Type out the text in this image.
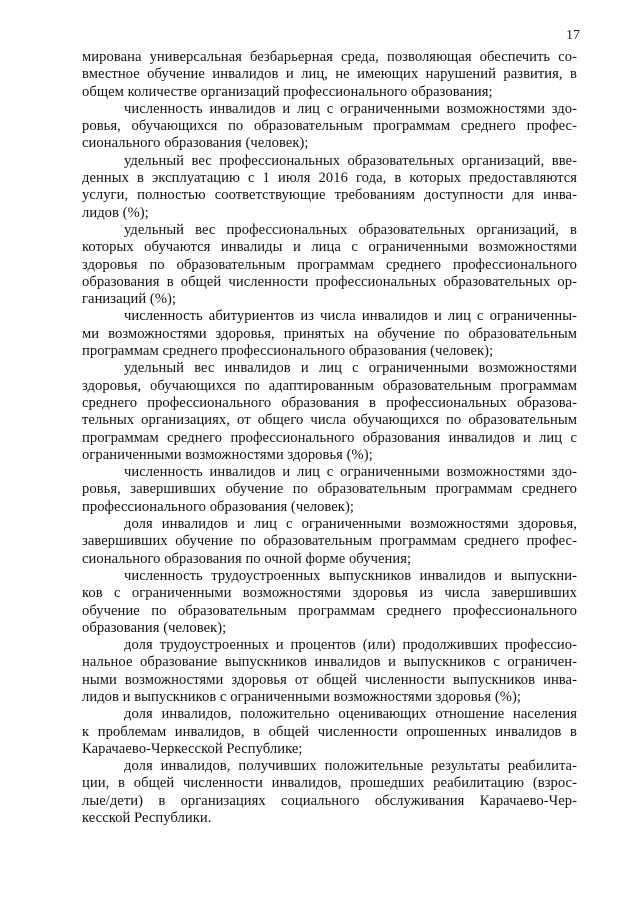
17
мирована универсальная безбарьерная среда, позволяющая обеспечить со-
вместное обучение инвалидов и лиц, не имеющих нарушений развития, в
общем количестве организаций профессионального образования;
численность инвалидов и лиц с ограниченными возможностями здо-
ровья, обучающихся по образовательным программам среднего профес-
сионального образования (человек);
удельный вес профессиональных образовательных организаций, вве-
денных в эксплуатацию с 1 июля 2016 года, в которых предоставляются
услуги, полностью соответствующие требованиям доступности для инва-
лидов (%);
удельный вес профессиональных образовательных организаций, в
которых обучаются инвалиды и лица с ограниченными возможностями
здоровья по образовательным программам среднего профессионального
образования в общей численности профессиональных образовательных ор-
ганизаций (%);
численность абитуриентов из числа инвалидов и лиц с ограниченны-
ми возможностями здоровья, принятых на обучение по образовательным
программам среднего профессионального образования (человек);
удельный вес инвалидов и лиц с ограниченными возможностями
здоровья, обучающихся по адаптированным образовательным программам
среднего профессионального образования в профессиональных образова-
тельных организациях, от общего числа обучающихся по образовательным
программам среднего профессионального образования инвалидов и лиц с
ограниченными возможностями здоровья (%);
численность инвалидов и лиц с ограниченными возможностями здо-
ровья, завершивших обучение по образовательным программам среднего
профессионального образования (человек);
доля инвалидов и лиц с ограниченными возможностями здоровья,
завершивших обучение по образовательным программам среднего профес-
сионального образования по очной форме обучения;
численность трудоустроенных выпускников инвалидов и выпускни-
ков с ограниченными возможностями здоровья из числа завершивших
обучение по образовательным программам среднего профессионального
образования (человек);
доля трудоустроенных и процентов (или) продолживших профессио-
нальное образование выпускников инвалидов и выпускников с ограничен-
ными возможностями здоровья от общей численности выпускников инва-
лидов и выпускников с ограниченными возможностями здоровья (%);
доля инвалидов, положительно оценивающих отношение населения
к проблемам инвалидов, в общей численности опрошенных инвалидов в
Карачаево-Черкесской Республике;
доля инвалидов, получивших положительные результаты реабилита-
ции, в общей численности инвалидов, прошедших реабилитацию (взрос-
лые/дети) в организациях социального обслуживания Карачаево-Чер-
кесской Республики.
